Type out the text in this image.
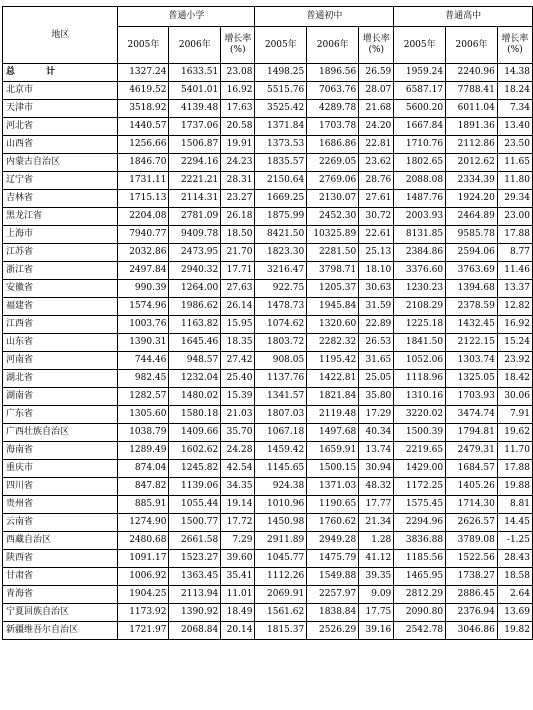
地区	普通小学			普通初中			普通高中		
	2005年	2006年	增长率(%)	2005年	2006年	增长率(%)	2005年	2006年	增长率(%)
总 计	1327.24	1633.51	23.08	1498.25	1896.56	26.59	1959.24	2240.96	14.38
北京市	4619.52	5401.01	16.92	5515.76	7063.76	28.07	6587.17	7788.41	18.24
天津市	3518.92	4139.48	17.63	3525.42	4289.78	21.68	5600.20	6011.04	7.34
河北省	1440.57	1737.06	20.58	1371.84	1703.78	24.20	1667.84	1891.36	13.40
山西省	1256.66	1506.87	19.91	1373.53	1686.86	22.81	1710.76	2112.86	23.50
内蒙古自治区	1846.70	2294.16	24.23	1835.57	2269.05	23.62	1802.65	2012.62	11.65
辽宁省	1731.11	2221.21	28.31	2150.64	2769.06	28.76	2088.08	2334.39	11.80
吉林省	1715.13	2114.31	23.27	1669.25	2130.07	27.61	1487.76	1924.20	29.34
黑龙江省	2204.08	2781.09	26.18	1875.99	2452.30	30.72	2003.93	2464.89	23.00
上海市	7940.77	9409.78	18.50	8421.50	10325.89	22.61	8131.85	9585.78	17.88
江苏省	2032.86	2473.95	21.70	1823.30	2281.50	25.13	2384.86	2594.06	8.77
浙江省	2497.84	2940.32	17.71	3216.47	3798.71	18.10	3376.60	3763.69	11.46
安徽省	990.39	1264.00	27.63	922.75	1205.37	30.63	1230.23	1394.68	13.37
福建省	1574.96	1986.62	26.14	1478.73	1945.84	31.59	2108.29	2378.59	12.82
江西省	1003.76	1163.82	15.95	1074.62	1320.60	22.89	1225.18	1432.45	16.92
山东省	1390.31	1645.46	18.35	1803.72	2282.32	26.53	1841.50	2122.15	15.24
河南省	744.46	948.57	27.42	908.05	1195.42	31.65	1052.06	1303.74	23.92
湖北省	982.45	1232.04	25.40	1137.76	1422.81	25.05	1118.96	1325.05	18.42
湖南省	1282.57	1480.02	15.39	1341.57	1821.84	35.80	1310.16	1703.93	30.06
广东省	1305.60	1580.18	21.03	1807.03	2119.48	17.29	3220.02	3474.74	7.91
广西壮族自治区	1038.79	1409.66	35.70	1067.18	1497.68	40.34	1500.39	1794.81	19.62
海南省	1289.49	1602.62	24.28	1459.42	1659.91	13.74	2219.65	2479.31	11.70
重庆市	874.04	1245.82	42.54	1145.65	1500.15	30.94	1429.00	1684.57	17.88
四川省	847.82	1139.06	34.35	924.38	1371.03	48.32	1172.25	1405.26	19.88
贵州省	885.91	1055.44	19.14	1010.96	1190.65	17.77	1575.45	1714.30	8.81
云南省	1274.90	1500.77	17.72	1450.98	1760.62	21.34	2294.96	2626.57	14.45
西藏自治区	2480.68	2661.58	7.29	2911.89	2949.28	1.28	3836.88	3789.08	-1.25
陕西省	1091.17	1523.27	39.60	1045.77	1475.79	41.12	1185.56	1522.56	28.43
甘肃省	1006.92	1363.45	35.41	1112.26	1549.88	39.35	1465.95	1738.27	18.58
青海省	1904.25	2113.94	11.01	2069.91	2257.97	9.09	2812.29	2886.45	2.64
宁夏回族自治区	1173.92	1390.92	18.49	1561.62	1838.84	17.75	2090.80	2376.94	13.69
新疆维吾尔自治区	1721.97	2068.84	20.14	1815.37	2526.29	39.16	2542.78	3046.86	19.82
